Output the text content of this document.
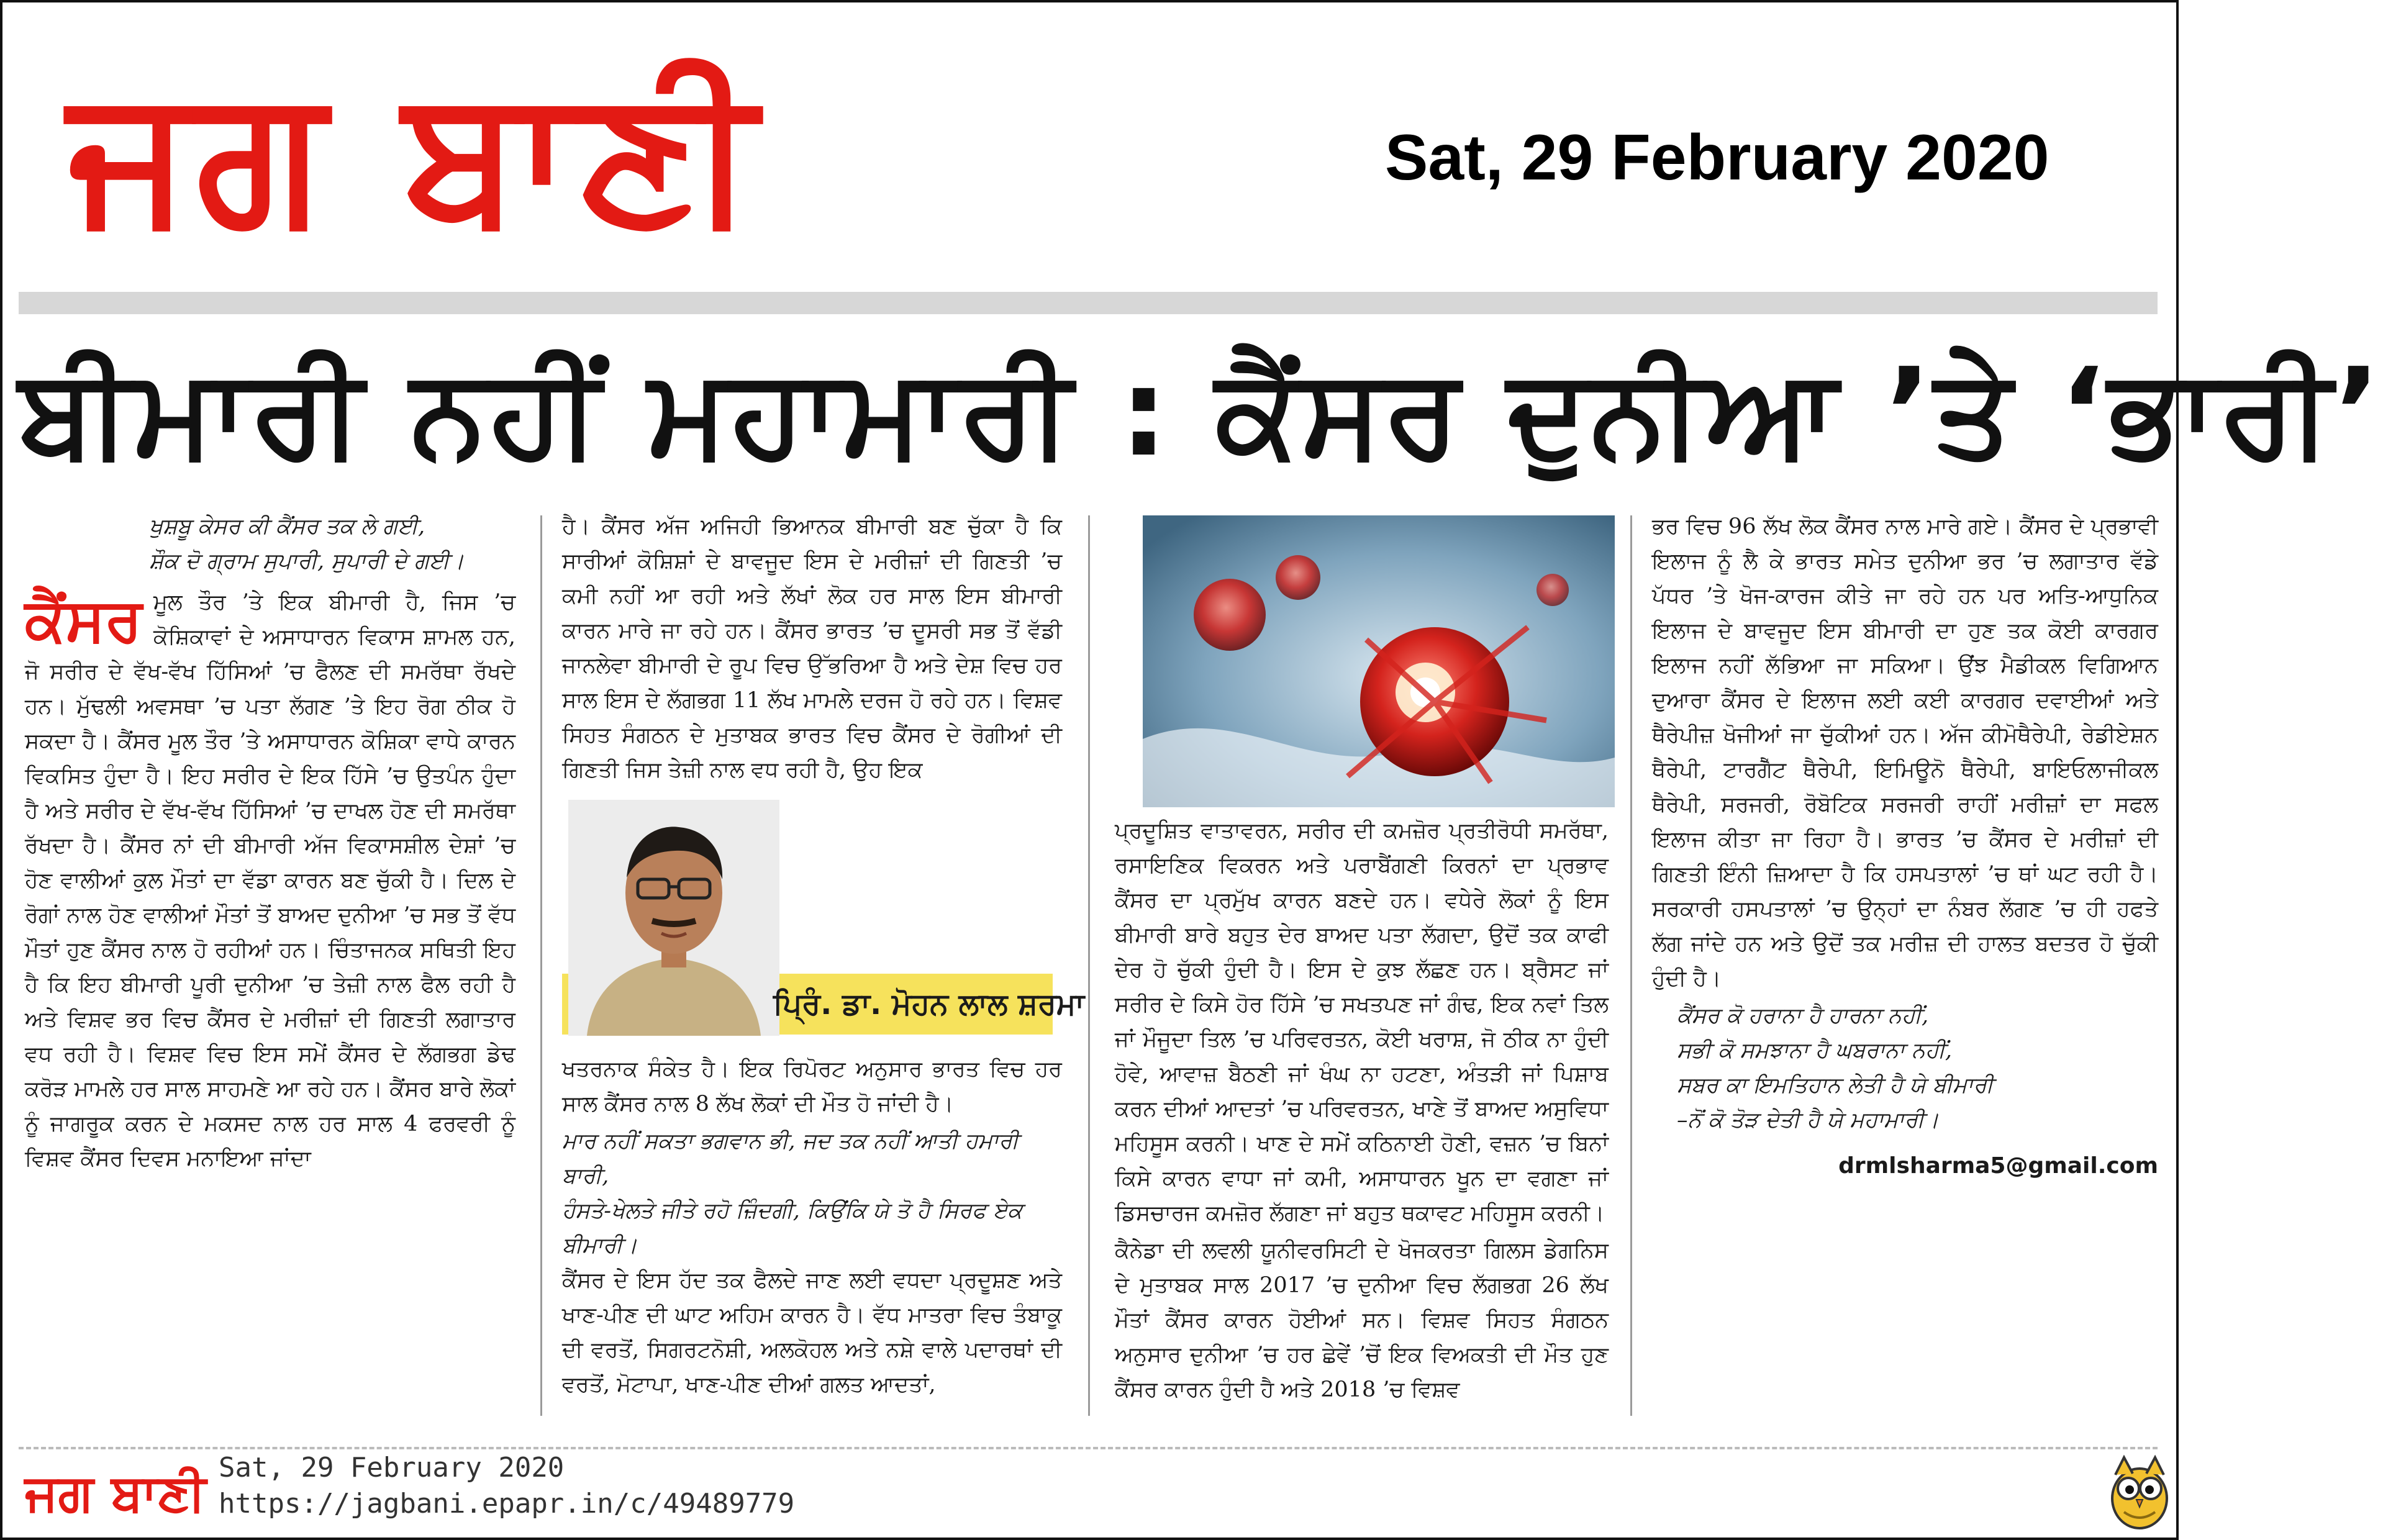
ਜਗ ਬਾਣੀ	Sat, 29 February 2020
ਬੀਮਾਰੀ ਨਹੀਂ ਮਹਾਮਾਰੀ : ਕੈਂਸਰ ਦੁਨੀਆ ’ਤੇ ‘ਭਾਰੀ’
ਖੁਸ਼ਬੂ ਕੇਸਰ ਕੀ ਕੈਂਸਰ ਤਕ ਲੇ ਗਈ,
ਸ਼ੌਕ ਦੋ ਗ੍ਰਾਮ ਸੁਪਾਰੀ, ਸੁਪਾਰੀ ਦੇ ਗਈ।
ਕੈਂਸਰ ਮੂਲ ਤੌਰ ’ਤੇ ਇਕ ਬੀਮਾਰੀ ਹੈ, ਜਿਸ ’ਚ ਕੋਸ਼ਿਕਾਵਾਂ ਦੇ ਅਸਾਧਾਰਨ ਵਿਕਾਸ ਸ਼ਾਮਲ ਹਨ, ਜੋ ਸਰੀਰ ਦੇ ਵੱਖ-ਵੱਖ ਹਿੱਸਿਆਂ ’ਚ ਫੈਲਣ ਦੀ ਸਮਰੱਥਾ ਰੱਖਦੇ ਹਨ। ਮੁੱਢਲੀ ਅਵਸਥਾ ’ਚ ਪਤਾ ਲੱਗਣ ’ਤੇ ਇਹ ਰੋਗ ਠੀਕ ਹੋ ਸਕਦਾ ਹੈ। ਕੈਂਸਰ ਮੂਲ ਤੌਰ ’ਤੇ ਅਸਾਧਾਰਨ ਕੋਸ਼ਿਕਾ ਵਾਧੇ ਕਾਰਨ ਵਿਕਸਿਤ ਹੁੰਦਾ ਹੈ। ਇਹ ਸਰੀਰ ਦੇ ਇਕ ਹਿੱਸੇ ’ਚ ਉਤਪੰਨ ਹੁੰਦਾ ਹੈ ਅਤੇ ਸਰੀਰ ਦੇ ਵੱਖ-ਵੱਖ ਹਿੱਸਿਆਂ ’ਚ ਦਾਖਲ ਹੋਣ ਦੀ ਸਮਰੱਥਾ ਰੱਖਦਾ ਹੈ। ਕੈਂਸਰ ਨਾਂ ਦੀ ਬੀਮਾਰੀ ਅੱਜ ਵਿਕਾਸਸ਼ੀਲ ਦੇਸ਼ਾਂ ’ਚ ਹੋਣ ਵਾਲੀਆਂ ਕੁਲ ਮੌਤਾਂ ਦਾ ਵੱਡਾ ਕਾਰਨ ਬਣ ਚੁੱਕੀ ਹੈ। ਦਿਲ ਦੇ ਰੋਗਾਂ ਨਾਲ ਹੋਣ ਵਾਲੀਆਂ ਮੌਤਾਂ ਤੋਂ ਬਾਅਦ ਦੁਨੀਆ ’ਚ ਸਭ ਤੋਂ ਵੱਧ ਮੌਤਾਂ ਹੁਣ ਕੈਂਸਰ ਨਾਲ ਹੋ ਰਹੀਆਂ ਹਨ। ਚਿੰਤਾਜਨਕ ਸਥਿਤੀ ਇਹ ਹੈ ਕਿ ਇਹ ਬੀਮਾਰੀ ਪੂਰੀ ਦੁਨੀਆ ’ਚ ਤੇਜ਼ੀ ਨਾਲ ਫੈਲ ਰਹੀ ਹੈ ਅਤੇ ਵਿਸ਼ਵ ਭਰ ਵਿਚ ਕੈਂਸਰ ਦੇ ਮਰੀਜ਼ਾਂ ਦੀ ਗਿਣਤੀ ਲਗਾਤਾਰ ਵਧ ਰਹੀ ਹੈ। ਵਿਸ਼ਵ ਵਿਚ ਇਸ ਸਮੇਂ ਕੈਂਸਰ ਦੇ ਲੱਗਭਗ ਡੇਢ ਕਰੋੜ ਮਾਮਲੇ ਹਰ ਸਾਲ ਸਾਹਮਣੇ ਆ ਰਹੇ ਹਨ। ਕੈਂਸਰ ਬਾਰੇ ਲੋਕਾਂ ਨੂੰ ਜਾਗਰੂਕ ਕਰਨ ਦੇ ਮਕਸਦ ਨਾਲ ਹਰ ਸਾਲ 4 ਫਰਵਰੀ ਨੂੰ ਵਿਸ਼ਵ ਕੈਂਸਰ ਦਿਵਸ ਮਨਾਇਆ ਜਾਂਦਾ

ਹੈ। ਕੈਂਸਰ ਅੱਜ ਅਜਿਹੀ ਭਿਆਨਕ ਬੀਮਾਰੀ ਬਣ ਚੁੱਕਾ ਹੈ ਕਿ ਸਾਰੀਆਂ ਕੋਸ਼ਿਸ਼ਾਂ ਦੇ ਬਾਵਜੂਦ ਇਸ ਦੇ ਮਰੀਜ਼ਾਂ ਦੀ ਗਿਣਤੀ ’ਚ ਕਮੀ ਨਹੀਂ ਆ ਰਹੀ ਅਤੇ ਲੱਖਾਂ ਲੋਕ ਹਰ ਸਾਲ ਇਸ ਬੀਮਾਰੀ ਕਾਰਨ ਮਾਰੇ ਜਾ ਰਹੇ ਹਨ। ਕੈਂਸਰ ਭਾਰਤ ’ਚ ਦੂਸਰੀ ਸਭ ਤੋਂ ਵੱਡੀ ਜਾਨਲੇਵਾ ਬੀਮਾਰੀ ਦੇ ਰੂਪ ਵਿਚ ਉੱਭਰਿਆ ਹੈ ਅਤੇ ਦੇਸ਼ ਵਿਚ ਹਰ ਸਾਲ ਇਸ ਦੇ ਲੱਗਭਗ 11 ਲੱਖ ਮਾਮਲੇ ਦਰਜ ਹੋ ਰਹੇ ਹਨ। ਵਿਸ਼ਵ ਸਿਹਤ ਸੰਗਠਨ ਦੇ ਮੁਤਾਬਕ ਭਾਰਤ ਵਿਚ ਕੈਂਸਰ ਦੇ ਰੋਗੀਆਂ ਦੀ ਗਿਣਤੀ ਜਿਸ ਤੇਜ਼ੀ ਨਾਲ ਵਧ ਰਹੀ ਹੈ, ਉਹ ਇਕ

ਪ੍ਰਿੰ. ਡਾ. ਮੋਹਨ ਲਾਲ ਸ਼ਰਮਾ

ਖਤਰਨਾਕ ਸੰਕੇਤ ਹੈ। ਇਕ ਰਿਪੋਰਟ ਅਨੁਸਾਰ ਭਾਰਤ ਵਿਚ ਹਰ ਸਾਲ ਕੈਂਸਰ ਨਾਲ 8 ਲੱਖ ਲੋਕਾਂ ਦੀ ਮੌਤ ਹੋ ਜਾਂਦੀ ਹੈ।

ਮਾਰ ਨਹੀਂ ਸਕਤਾ ਭਗਵਾਨ ਭੀ, ਜਦ ਤਕ ਨਹੀਂ ਆਤੀ ਹਮਾਰੀ ਬਾਰੀ,
ਹੰਸਤੇ-ਖੇਲਤੇ ਜੀਤੇ ਰਹੋ ਜ਼ਿੰਦਗੀ, ਕਿਉਂਕਿ ਯੇ ਤੋ ਹੈ ਸਿਰਫ ਏਕ ਬੀਮਾਰੀ।

ਕੈਂਸਰ ਦੇ ਇਸ ਹੱਦ ਤਕ ਫੈਲਦੇ ਜਾਣ ਲਈ ਵਧਦਾ ਪ੍ਰਦੂਸ਼ਣ ਅਤੇ ਖਾਣ-ਪੀਣ ਦੀ ਘਾਟ ਅਹਿਮ ਕਾਰਨ ਹੈ। ਵੱਧ ਮਾਤਰਾ ਵਿਚ ਤੰਬਾਕੂ ਦੀ ਵਰਤੋਂ, ਸਿਗਰਟਨੋਸ਼ੀ, ਅਲਕੋਹਲ ਅਤੇ ਨਸ਼ੇ ਵਾਲੇ ਪਦਾਰਥਾਂ ਦੀ ਵਰਤੋਂ, ਮੋਟਾਪਾ, ਖਾਣ-ਪੀਣ ਦੀਆਂ ਗਲਤ ਆਦਤਾਂ,

ਪ੍ਰਦੂਸ਼ਿਤ ਵਾਤਾਵਰਨ, ਸਰੀਰ ਦੀ ਕਮਜ਼ੋਰ ਪ੍ਰਤੀਰੋਧੀ ਸਮਰੱਥਾ, ਰਸਾਇਣਿਕ ਵਿਕਰਨ ਅਤੇ ਪਰਾਬੈਂਗਣੀ ਕਿਰਨਾਂ ਦਾ ਪ੍ਰਭਾਵ ਕੈਂਸਰ ਦਾ ਪ੍ਰਮੁੱਖ ਕਾਰਨ ਬਣਦੇ ਹਨ। ਵਧੇਰੇ ਲੋਕਾਂ ਨੂੰ ਇਸ ਬੀਮਾਰੀ ਬਾਰੇ ਬਹੁਤ ਦੇਰ ਬਾਅਦ ਪਤਾ ਲੱਗਦਾ, ਉਦੋਂ ਤਕ ਕਾਫੀ ਦੇਰ ਹੋ ਚੁੱਕੀ ਹੁੰਦੀ ਹੈ। ਇਸ ਦੇ ਕੁਝ ਲੱਛਣ ਹਨ। ਬ੍ਰੈਸਟ ਜਾਂ ਸਰੀਰ ਦੇ ਕਿਸੇ ਹੋਰ ਹਿੱਸੇ ’ਚ ਸਖਤਪਣ ਜਾਂ ਗੰਢ, ਇਕ ਨਵਾਂ ਤਿਲ ਜਾਂ ਮੌਜੂਦਾ ਤਿਲ ’ਚ ਪਰਿਵਰਤਨ, ਕੋਈ ਖਰਾਸ਼, ਜੋ ਠੀਕ ਨਾ ਹੁੰਦੀ ਹੋਵੇ, ਆਵਾਜ਼ ਬੈਠਣੀ ਜਾਂ ਖੰਘ ਨਾ ਹਟਣਾ, ਅੰਤੜੀ ਜਾਂ ਪਿਸ਼ਾਬ ਕਰਨ ਦੀਆਂ ਆਦਤਾਂ ’ਚ ਪਰਿਵਰਤਨ, ਖਾਣੇ ਤੋਂ ਬਾਅਦ ਅਸੁਵਿਧਾ ਮਹਿਸੂਸ ਕਰਨੀ। ਖਾਣ ਦੇ ਸਮੇਂ ਕਠਿਨਾਈ ਹੋਣੀ, ਵਜ਼ਨ ’ਚ ਬਿਨਾਂ ਕਿਸੇ ਕਾਰਨ ਵਾਧਾ ਜਾਂ ਕਮੀ, ਅਸਾਧਾਰਨ ਖੂਨ ਦਾ ਵਗਣਾ ਜਾਂ ਡਿਸਚਾਰਜ ਕਮਜ਼ੋਰ ਲੱਗਣਾ ਜਾਂ ਬਹੁਤ ਥਕਾਵਟ ਮਹਿਸੂਸ ਕਰਨੀ।

ਕੈਨੇਡਾ ਦੀ ਲਵਲੀ ਯੂਨੀਵਰਸਿਟੀ ਦੇ ਖੋਜਕਰਤਾ ਗਿਲਸ ਡੇਗਨਿਸ ਦੇ ਮੁਤਾਬਕ ਸਾਲ 2017 ’ਚ ਦੁਨੀਆ ਵਿਚ ਲੱਗਭਗ 26 ਲੱਖ ਮੌਤਾਂ ਕੈਂਸਰ ਕਾਰਨ ਹੋਈਆਂ ਸਨ। ਵਿਸ਼ਵ ਸਿਹਤ ਸੰਗਠਨ ਅਨੁਸਾਰ ਦੁਨੀਆ ’ਚ ਹਰ ਛੇਵੇਂ ’ਚੋਂ ਇਕ ਵਿਅਕਤੀ ਦੀ ਮੌਤ ਹੁਣ ਕੈਂਸਰ ਕਾਰਨ ਹੁੰਦੀ ਹੈ ਅਤੇ 2018 ’ਚ ਵਿਸ਼ਵ

ਭਰ ਵਿਚ 96 ਲੱਖ ਲੋਕ ਕੈਂਸਰ ਨਾਲ ਮਾਰੇ ਗਏ। ਕੈਂਸਰ ਦੇ ਪ੍ਰਭਾਵੀ ਇਲਾਜ ਨੂੰ ਲੈ ਕੇ ਭਾਰਤ ਸਮੇਤ ਦੁਨੀਆ ਭਰ ’ਚ ਲਗਾਤਾਰ ਵੱਡੇ ਪੱਧਰ ’ਤੇ ਖੋਜ-ਕਾਰਜ ਕੀਤੇ ਜਾ ਰਹੇ ਹਨ ਪਰ ਅਤਿ-ਆਧੁਨਿਕ ਇਲਾਜ ਦੇ ਬਾਵਜੂਦ ਇਸ ਬੀਮਾਰੀ ਦਾ ਹੁਣ ਤਕ ਕੋਈ ਕਾਰਗਰ ਇਲਾਜ ਨਹੀਂ ਲੱਭਿਆ ਜਾ ਸਕਿਆ। ਉਂਝ ਮੈਡੀਕਲ ਵਿਗਿਆਨ ਦੁਆਰਾ ਕੈਂਸਰ ਦੇ ਇਲਾਜ ਲਈ ਕਈ ਕਾਰਗਰ ਦਵਾਈਆਂ ਅਤੇ ਥੈਰੇਪੀਜ਼ ਖੋਜੀਆਂ ਜਾ ਚੁੱਕੀਆਂ ਹਨ। ਅੱਜ ਕੀਮੋਥੈਰੇਪੀ, ਰੇਡੀਏਸ਼ਨ ਥੈਰੇਪੀ, ਟਾਰਗੈੱਟ ਥੈਰੇਪੀ, ਇਮਿਊਨੋ ਥੈਰੇਪੀ, ਬਾਇਓਲਾਜੀਕਲ ਥੈਰੇਪੀ, ਸਰਜਰੀ, ਰੋਬੋਟਿਕ ਸਰਜਰੀ ਰਾਹੀਂ ਮਰੀਜ਼ਾਂ ਦਾ ਸਫਲ ਇਲਾਜ ਕੀਤਾ ਜਾ ਰਿਹਾ ਹੈ। ਭਾਰਤ ’ਚ ਕੈਂਸਰ ਦੇ ਮਰੀਜ਼ਾਂ ਦੀ ਗਿਣਤੀ ਇੰਨੀ ਜ਼ਿਆਦਾ ਹੈ ਕਿ ਹਸਪਤਾਲਾਂ ’ਚ ਥਾਂ ਘਟ ਰਹੀ ਹੈ। ਸਰਕਾਰੀ ਹਸਪਤਾਲਾਂ ’ਚ ਉਨ੍ਹਾਂ ਦਾ ਨੰਬਰ ਲੱਗਣ ’ਚ ਹੀ ਹਫਤੇ ਲੱਗ ਜਾਂਦੇ ਹਨ ਅਤੇ ਉਦੋਂ ਤਕ ਮਰੀਜ਼ ਦੀ ਹਾਲਤ ਬਦਤਰ ਹੋ ਚੁੱਕੀ ਹੁੰਦੀ ਹੈ।

ਕੈਂਸਰ ਕੋ ਹਰਾਨਾ ਹੈ ਹਾਰਨਾ ਨਹੀਂ,
ਸਭੀ ਕੋ ਸਮਝਾਨਾ ਹੈ ਘਬਰਾਨਾ ਨਹੀਂ,
ਸਬਰ ਕਾ ਇਮਤਿਹਾਨ ਲੇਤੀ ਹੈ ਯੇ ਬੀਮਾਰੀ
–ਨੋਂ ਕੋ ਤੋੜ ਦੇਤੀ ਹੈ ਯੇ ਮਹਾਮਾਰੀ।
drmlsharma5@gmail.com
ਜਗ ਬਾਣੀ Sat, 29 February 2020
https://jagbani.epapr.in/c/49489779
